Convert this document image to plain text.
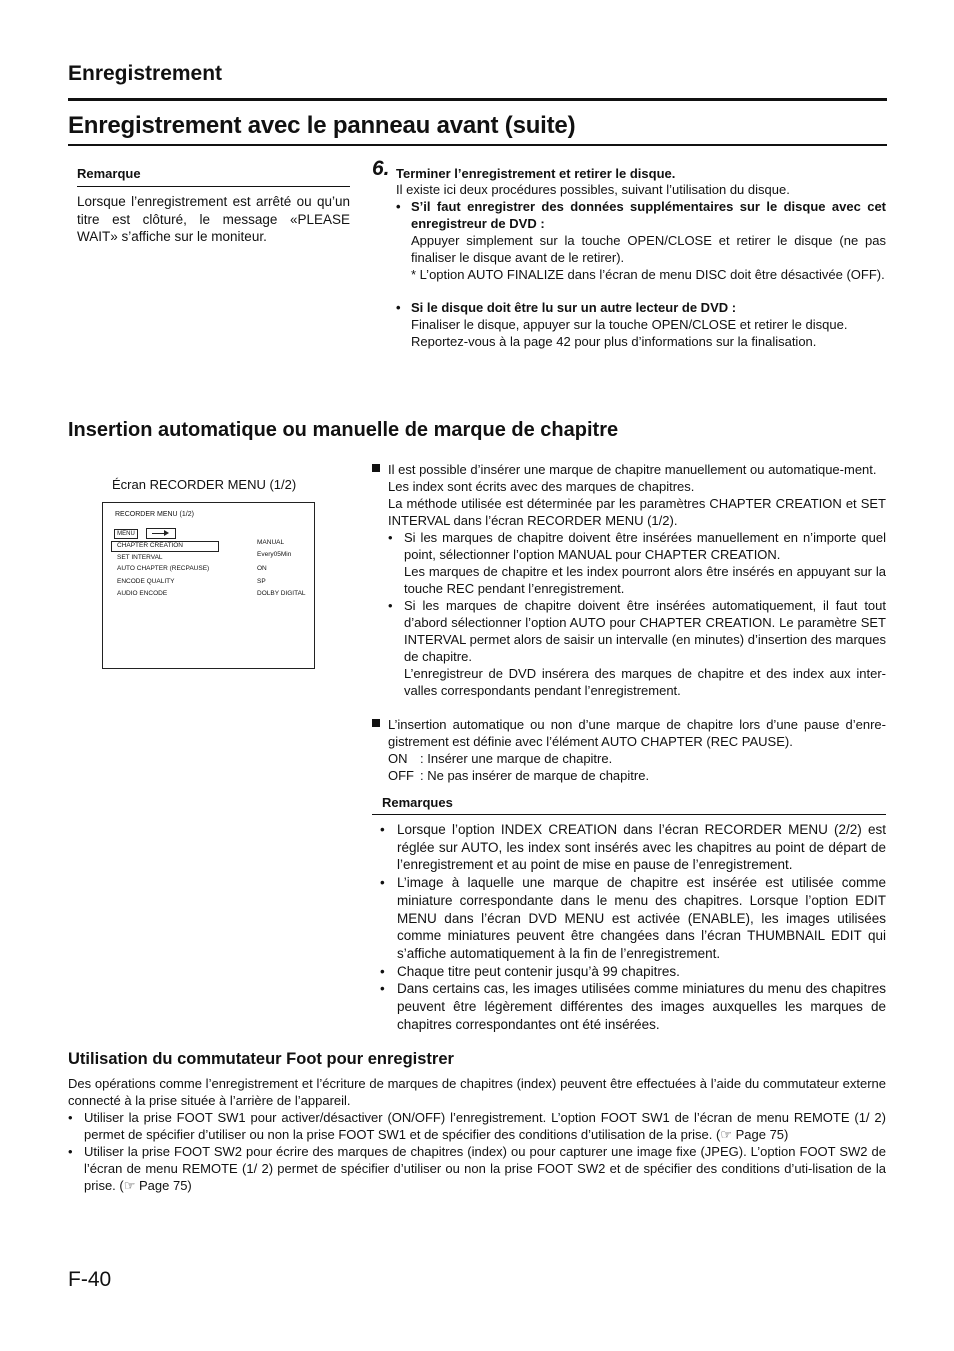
Enregistrement
Enregistrement avec le panneau avant (suite)
Remarque
Lorsque l’enregistrement est arrêté ou qu’un titre est clôturé, le message «PLEASE WAIT» s’affiche sur le moniteur.
6. Terminer l’enregistrement et retirer le disque.
Il existe ici deux procédures possibles, suivant l’utilisation du disque.
• S’il faut enregistrer des données supplémentaires sur le disque avec cet enregistreur de DVD :
Appuyer simplement sur la touche OPEN/CLOSE et retirer le disque (ne pas finaliser le disque avant de le retirer).
* L’option AUTO FINALIZE dans l’écran de menu DISC doit être désactivée (OFF).
• Si le disque doit être lu sur un autre lecteur de DVD :
Finaliser le disque, appuyer sur la touche OPEN/CLOSE et retirer le disque.
Reportez-vous à la page 42 pour plus d’informations sur la finalisation.
Insertion automatique ou manuelle de marque de chapitre
Écran RECORDER MENU (1/2)
RECORDER MENU (1/2)
MENU
CHAPTER CREATION	MANUAL
SET INTERVAL	Every05Min
AUTO CHAPTER (RECPAUSE)	ON
ENCODE QUALITY	SP
AUDIO ENCODE	DOLBY DIGITAL
Il est possible d’insérer une marque de chapitre manuellement ou automatique-ment.
Les index sont écrits avec des marques de chapitres.
La méthode utilisée est déterminée par les paramètres CHAPTER CREATION et SET INTERVAL dans l’écran RECORDER MENU (1/2).
• Si les marques de chapitre doivent être insérées manuellement en n’importe quel point, sélectionner l’option MANUAL pour CHAPTER CREATION.
Les marques de chapitre et les index pourront alors être insérés en appuyant sur la touche REC pendant l’enregistrement.
• Si les marques de chapitre doivent être insérées automatiquement, il faut tout d’abord sélectionner l’option AUTO pour CHAPTER CREATION. Le paramètre SET INTERVAL permet alors de saisir un intervalle (en minutes) d’insertion des marques de chapitre.
L’enregistreur de DVD insérera des marques de chapitre et des index aux inter-valles correspondants pendant l’enregistrement.
L’insertion automatique ou non d’une marque de chapitre lors d’une pause d’enre-gistrement est définie avec l’élément AUTO CHAPTER (REC PAUSE).
ON : Insérer une marque de chapitre.
OFF : Ne pas insérer de marque de chapitre.
Remarques
• Lorsque l’option INDEX CREATION dans l’écran RECORDER MENU (2/2) est réglée sur AUTO, les index sont insérés avec les chapitres au point de départ de l’enregistrement et au point de mise en pause de l’enregistrement.
• L’image à laquelle une marque de chapitre est insérée est utilisée comme miniature correspondante dans le menu des chapitres. Lorsque l’option EDIT MENU dans l’écran DVD MENU est activée (ENABLE), les images utilisées comme miniatures peuvent être changées dans l’écran THUMBNAIL EDIT qui s’affiche automatiquement à la fin de l’enregistrement.
• Chaque titre peut contenir jusqu’à 99 chapitres.
• Dans certains cas, les images utilisées comme miniatures du menu des chapitres peuvent être légèrement différentes des images auxquelles les marques de chapitres correspondantes ont été insérées.
Utilisation du commutateur Foot pour enregistrer
Des opérations comme l’enregistrement et l’écriture de marques de chapitres (index) peuvent être effectuées à l’aide du commutateur externe connecté à la prise située à l’arrière de l’appareil.
• Utiliser la prise FOOT SW1 pour activer/désactiver (ON/OFF) l’enregistrement. L’option FOOT SW1 de l’écran de menu REMOTE (1/ 2) permet de spécifier d’utiliser ou non la prise FOOT SW1 et de spécifier des conditions d’utilisation de la prise. (☞ Page 75)
• Utiliser la prise FOOT SW2 pour écrire des marques de chapitres (index) ou pour capturer une image fixe (JPEG). L’option FOOT SW2 de l’écran de menu REMOTE (1/ 2) permet de spécifier d’utiliser ou non la prise FOOT SW2 et de spécifier des conditions d’uti-lisation de la prise. (☞ Page 75)
F-40
